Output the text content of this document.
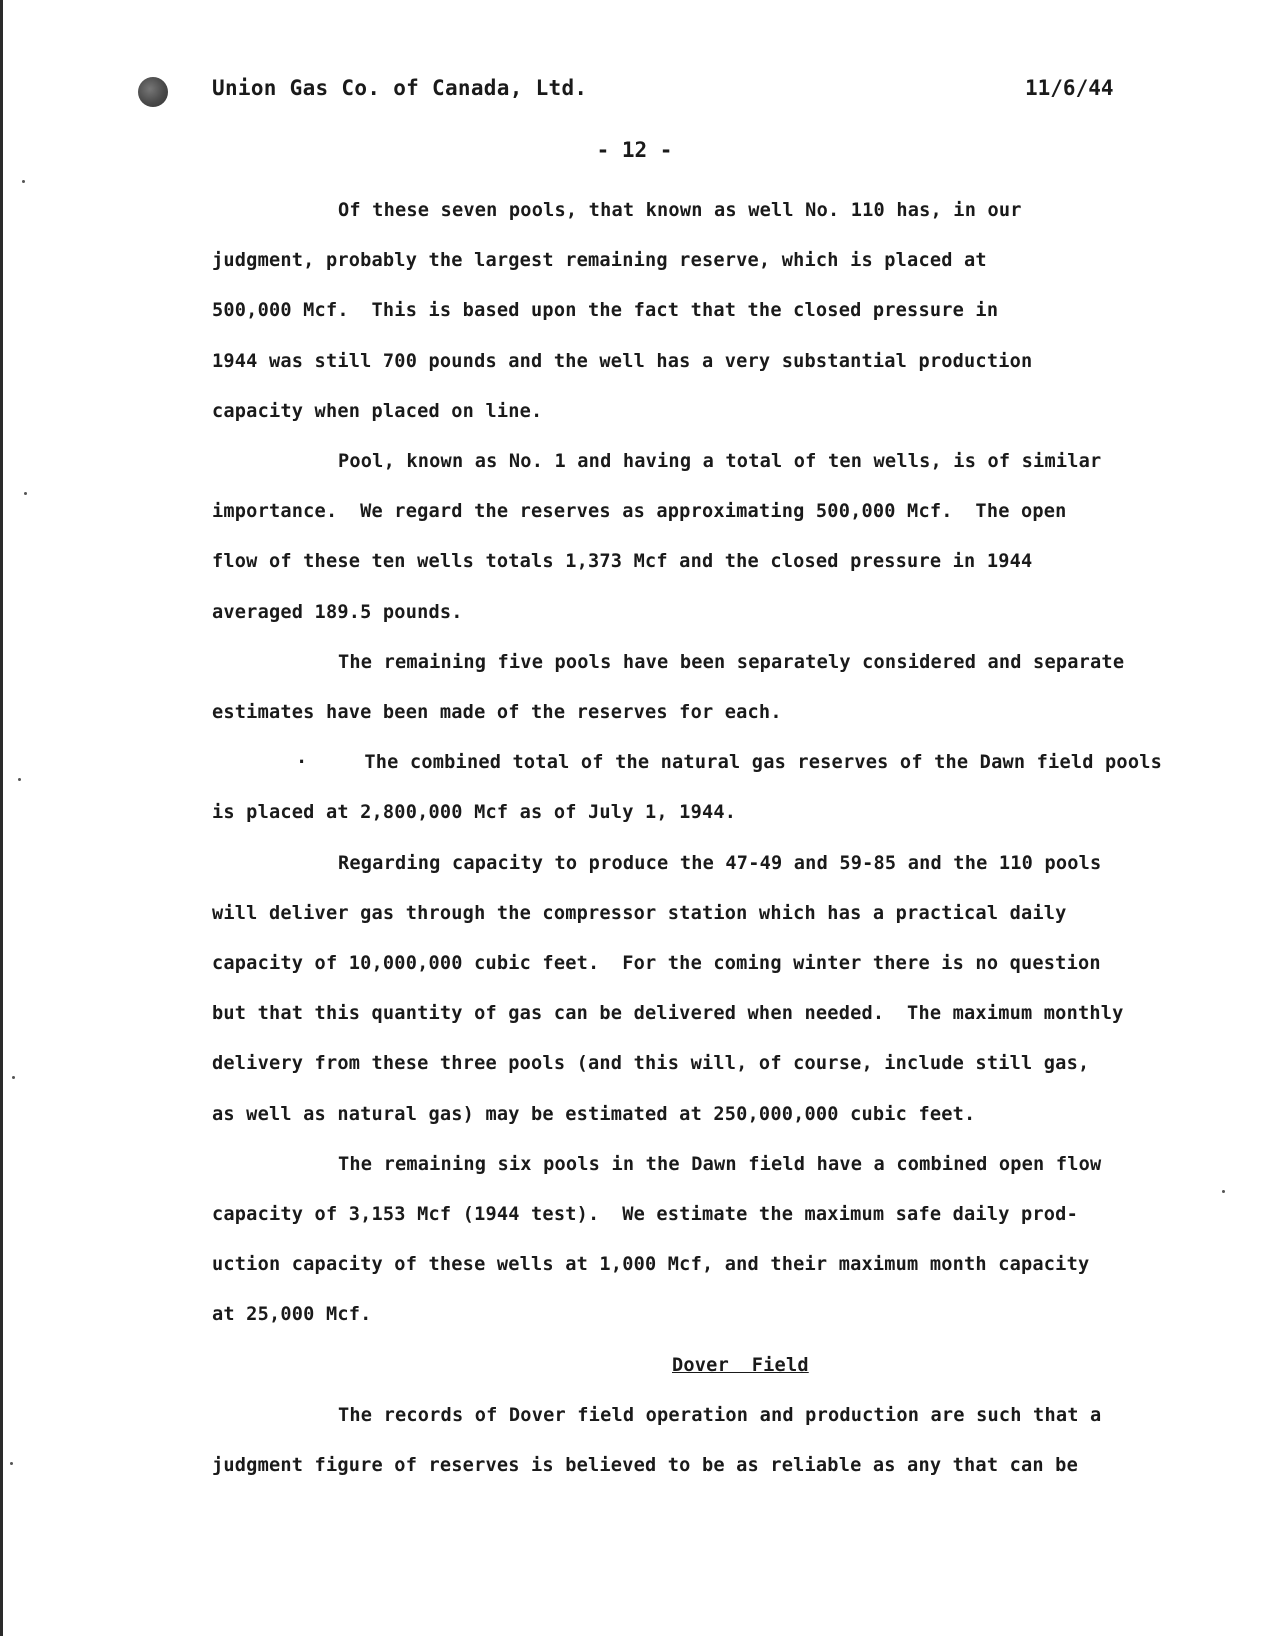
Union Gas Co. of Canada, Ltd.	11/6/44
- 12 -

Of these seven pools, that known as well No. 110 has, in our

judgment, probably the largest remaining reserve, which is placed at

500,000 Mcf.  This is based upon the fact that the closed pressure in

1944 was still 700 pounds and the well has a very substantial production

capacity when placed on line.

Pool, known as No. 1 and having a total of ten wells, is of similar

importance.  We regard the reserves as approximating 500,000 Mcf.  The open

flow of these ten wells totals 1,373 Mcf and the closed pressure in 1944

averaged 189.5 pounds.

The remaining five pools have been separately considered and separate

estimates have been made of the reserves for each.

·	The combined total of the natural gas reserves of the Dawn field pools

is placed at 2,800,000 Mcf as of July 1, 1944.

Regarding capacity to produce the 47-49 and 59-85 and the 110 pools

will deliver gas through the compressor station which has a practical daily

capacity of 10,000,000 cubic feet.  For the coming winter there is no question

but that this quantity of gas can be delivered when needed.  The maximum monthly

delivery from these three pools (and this will, of course, include still gas,

as well as natural gas) may be estimated at 250,000,000 cubic feet.

The remaining six pools in the Dawn field have a combined open flow

capacity of 3,153 Mcf (1944 test).  We estimate the maximum safe daily prod-

uction capacity of these wells at 1,000 Mcf, and their maximum month capacity

at 25,000 Mcf.

Dover  Field

The records of Dover field operation and production are such that a

judgment figure of reserves is believed to be as reliable as any that can be
